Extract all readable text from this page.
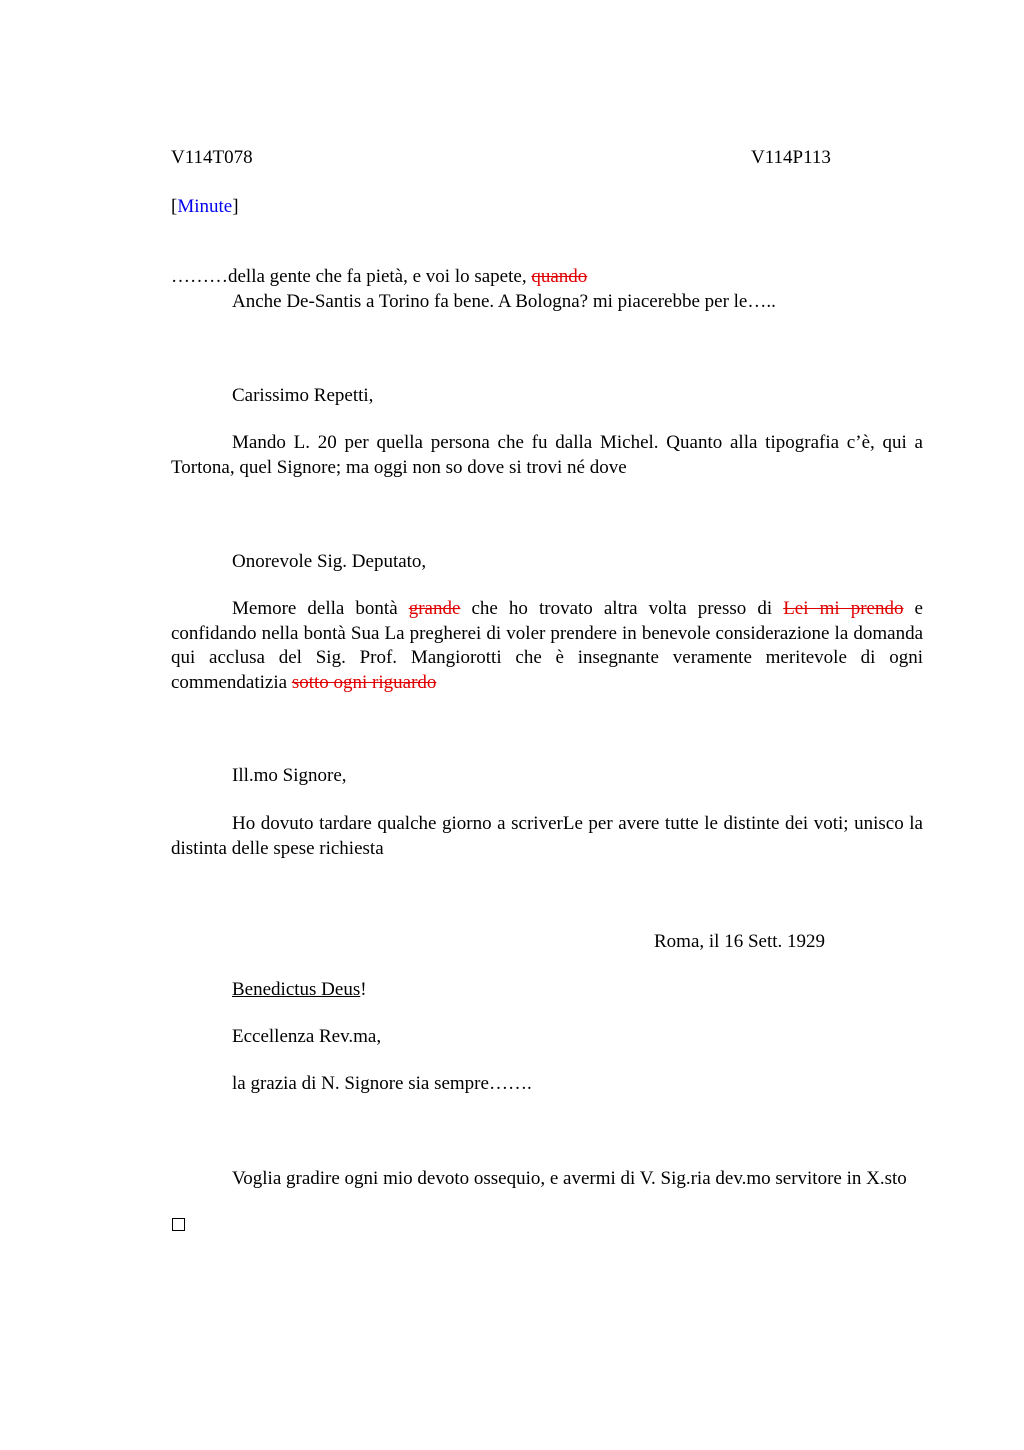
V114T078	V114P113
[Minute]
………della gente che fa pietà, e voi lo sapete, quando
Anche De-Santis a Torino fa bene. A Bologna? mi piacerebbe per le…..
Carissimo Repetti,
Mando L. 20 per quella persona che fu dalla Michel. Quanto alla tipografia c’è, qui a Tortona, quel Signore; ma oggi non so dove si trovi né dove
Onorevole Sig. Deputato,
Memore della bontà grande che ho trovato altra volta presso di Lei mi prendo e confidando nella bontà Sua La pregherei di voler prendere in benevole considerazione la domanda qui acclusa del Sig. Prof. Mangiorotti che è insegnante veramente meritevole di ogni commendatizia sotto ogni riguardo
Ill.mo Signore,
Ho dovuto tardare qualche giorno a scriverLe per avere tutte le distinte dei voti; unisco la distinta delle spese richiesta
Roma, il 16 Sett. 1929
Benedictus Deus!
Eccellenza Rev.ma,
la grazia di N. Signore sia sempre…….
Voglia gradire ogni mio devoto ossequio, e avermi di V. Sig.ria dev.mo servitore in X.sto
